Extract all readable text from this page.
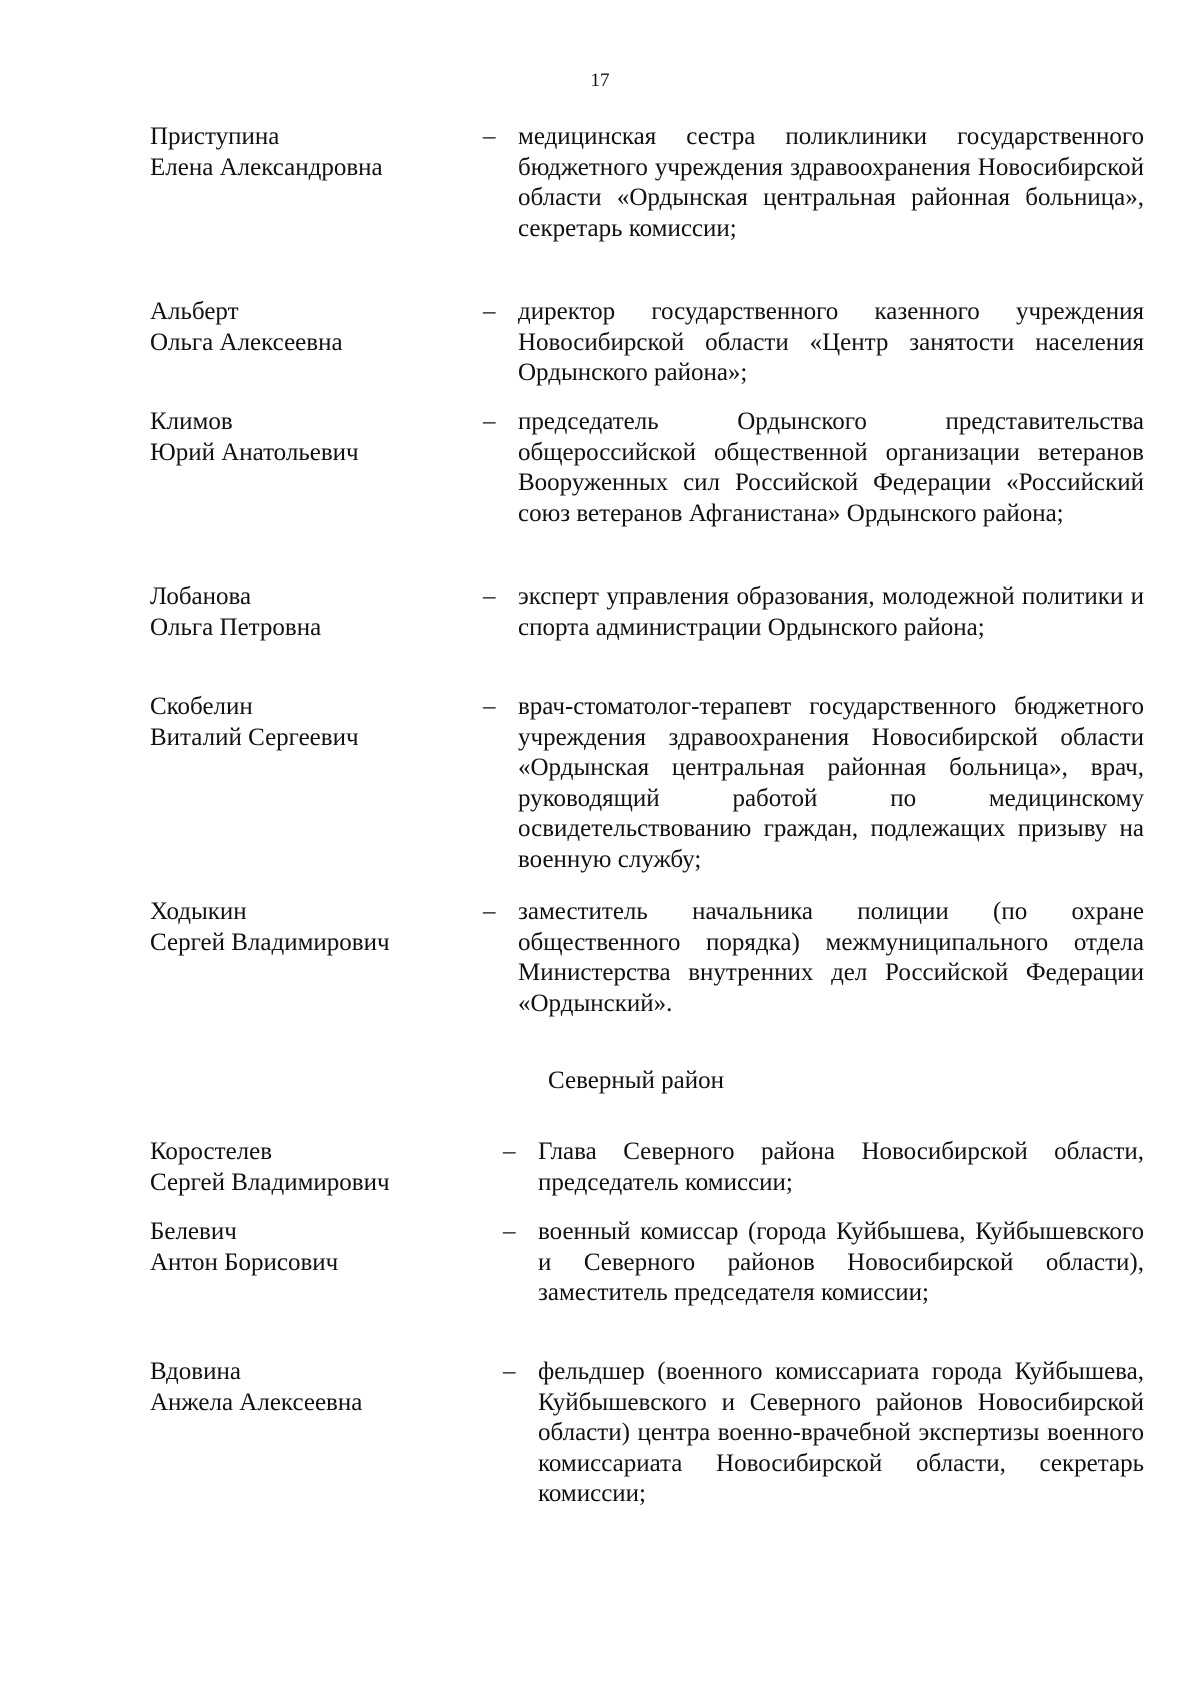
17
Приступина
Елена Александровна
– медицинская сестра поликлиники государственного бюджетного учреждения здравоохранения Новосибирской области «Ордынская центральная районная больница», секретарь комиссии;
Альберт
Ольга Алексеевна
– директор государственного казенного учреждения Новосибирской области «Центр занятости населения Ордынского района»;
Климов
Юрий Анатольевич
– председатель Ордынского представительства общероссийской общественной организации ветеранов Вооруженных сил Российской Федерации «Российский союз ветеранов Афганистана» Ордынского района;
Лобанова
Ольга Петровна
– эксперт управления образования, молодежной политики и спорта администрации Ордынского района;
Скобелин
Виталий Сергеевич
– врач-стоматолог-терапевт государственного бюджетного учреждения здравоохранения Новосибирской области «Ордынская центральная районная больница», врач, руководящий работой по медицинскому освидетельствованию граждан, подлежащих призыву на военную службу;
Ходыкин
Сергей Владимирович
– заместитель начальника полиции (по охране общественного порядка) межмуниципального отдела Министерства внутренних дел Российской Федерации «Ордынский».
Северный район
Коростелев
Сергей Владимирович
– Глава Северного района Новосибирской области, председатель комиссии;
Белевич
Антон Борисович
– военный комиссар (города Куйбышева, Куйбышевского и Северного районов Новосибирской области), заместитель председателя комиссии;
Вдовина
Анжела Алексеевна
– фельдшер (военного комиссариата города Куйбышева, Куйбышевского и Северного районов Новосибирской области) центра военно-врачебной экспертизы военного комиссариата Новосибирской области, секретарь комиссии;
